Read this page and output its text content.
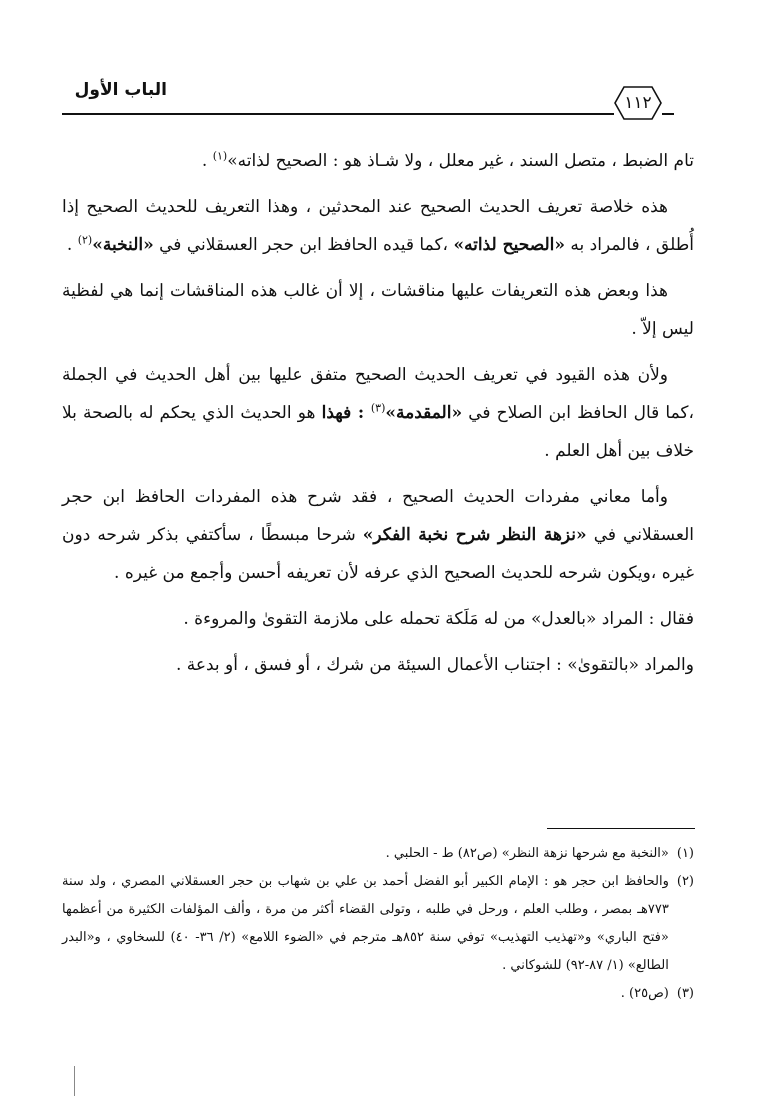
الباب الأول
١١٢

تام الضبط ، متصل السند ، غير معلل ، ولا شـاذ هو : الصحيح لذاته»$^{(١)}$ .

هذه خلاصة تعريف الحديث الصحيح عند المحدثين ، وهذا التعريف للحديث الصحيح إذا أُطلق ، فالمراد به «الصحيح لذاته» ،كما قيده الحافظ ابن حجر العسقلاني في «النخبة»$^{(٢)}$ .

هذا وبعض هذه التعريفات عليها مناقشات ، إلا أن غالب هذه المناقشات إنما هي لفظية ليس إلاّ .

ولأن هذه القيود في تعريف الحديث الصحيح متفق عليها بين أهل الحديث في الجملة ،كما قال الحافظ ابن الصلاح في «المقدمة»$^{(٣)}$ : فهذا هو الحديث الذي يحكم له بالصحة بلا خلاف بين أهل العلم .

وأما معاني مفردات الحديث الصحيح ، فقد شرح هذه المفردات الحافظ ابن حجر العسقلاني في «نزهة النظر شرح نخبة الفكر» شرحا مبسطًا ، سأكتفي بذكر شرحه دون غيره ،ويكون شرحه للحديث الصحيح الذي عرفه لأن تعريفه أحسن وأجمع من غيره .

فقال : المراد «بالعدل» من له مَلَكة تحمله على ملازمة التقوىٰ والمروءة .

والمراد «بالتقوىٰ» : اجتناب الأعمال السيئة من شرك ، أو فسق ، أو بدعة .

(١)
«النخبة مع شرحها نزهة النظر» (ص٨٢) ط - الحلبي .
(٢)
والحافظ ابن حجر هو : الإمام الكبير أبو الفضل أحمد بن علي بن شهاب بن حجر العسقلاني المصري ، ولد سنة ٧٧٣هـ بمصر ، وطلب العلم ، ورحل في طلبه ، وتولى القضاء أكثر من مرة ، وألف المؤلفات الكثيرة من أعظمها «فتح الباري» و«تهذيب التهذيب» توفي سنة ٨٥٢هـ مترجم في «الضوء اللامع» (٢/ ٣٦- ٤٠) للسخاوي ، و«البدر الطالع» (١/ ٨٧-٩٢) للشوكاني .
(٣)
(ص٢٥) .
